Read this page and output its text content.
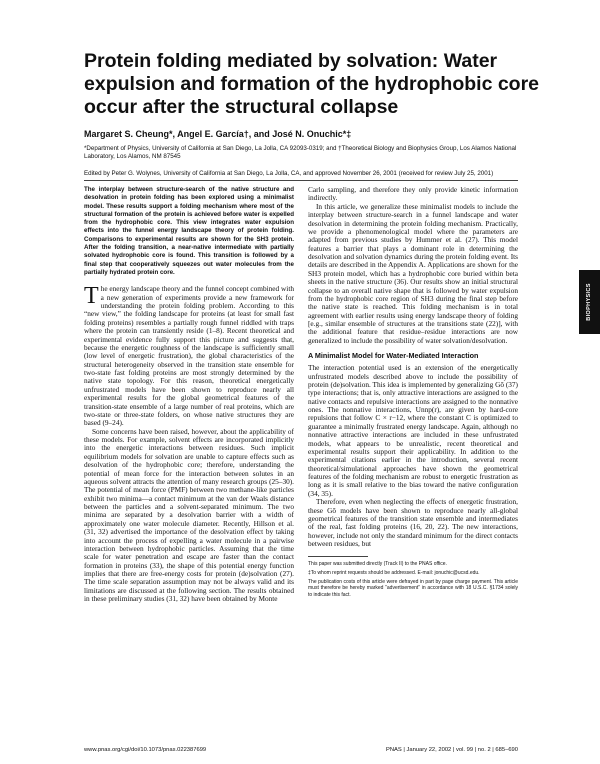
Protein folding mediated by solvation: Water expulsion and formation of the hydrophobic core occur after the structural collapse

Margaret S. Cheung*, Angel E. García†, and José N. Onuchic*‡

*Department of Physics, University of California at San Diego, La Jolla, CA 92093-0319; and †Theoretical Biology and Biophysics Group, Los Alamos National Laboratory, Los Alamos, NM 87545

Edited by Peter G. Wolynes, University of California at San Diego, La Jolla, CA, and approved November 26, 2001 (received for review July 25, 2001)

The interplay between structure-search of the native structure and desolvation in protein folding has been explored using a minimalist model. These results support a folding mechanism where most of the structural formation of the protein is achieved before water is expelled from the hydrophobic core. This view integrates water expulsion effects into the funnel energy landscape theory of protein folding. Comparisons to experimental results are shown for the SH3 protein. After the folding transition, a near-native intermediate with partially solvated hydrophobic core is found. This transition is followed by a final step that cooperatively squeezes out water molecules from the partially hydrated protein core.

The energy landscape theory and the funnel concept combined with a new generation of experiments provide a new framework for understanding the protein folding problem. According to this “new view,” the folding landscape for proteins (at least for small fast folding proteins) resembles a partially rough funnel riddled with traps where the protein can transiently reside (1–8). Recent theoretical and experimental evidence fully support this picture and suggests that, because the energetic roughness of the landscape is sufficiently small (low level of energetic frustration), the global characteristics of the structural heterogeneity observed in the transition state ensemble for two-state fast folding proteins are most strongly determined by the native state topology. For this reason, theoretical energetically unfrustrated models have been shown to reproduce nearly all experimental results for the global geometrical features of the transition-state ensemble of a large number of real proteins, which are two-state or three-state folders, on whose native structures they are based (9–24).

Some concerns have been raised, however, about the applicability of these models. For example, solvent effects are incorporated implicitly into the energetic interactions between residues. Such implicit equilibrium models for solvation are unable to capture effects such as desolvation of the hydrophobic core; therefore, understanding the potential of mean force for the interaction between solutes in an aqueous solvent attracts the attention of many research groups (25–30). The potential of mean force (PMF) between two methane-like particles exhibit two minima—a contact minimum at the van der Waals distance between the particles and a solvent-separated minimum. The two minima are separated by a desolvation barrier with a width of approximately one water molecule diameter. Recently, Hillson et al. (31, 32) advertised the importance of the desolvation effect by taking into account the process of expelling a water molecule in a pairwise interaction between hydrophobic particles. Assuming that the time scale for water penetration and escape are faster than the contact formation in proteins (33), the shape of this potential energy function implies that there are free-energy costs for protein (de)solvation (27). The time scale separation assumption may not be always valid and its limitations are discussed at the following section. The results obtained in these preliminary studies (31, 32) have been obtained by Monte

Carlo sampling, and therefore they only provide kinetic information indirectly.

In this article, we generalize these minimalist models to include the interplay between structure-search in a funnel landscape and water desolvation in determining the protein folding mechanism. Practically, we provide a phenomenological model where the parameters are adapted from previous studies by Hummer et al. (27). This model features a barrier that plays a dominant role in determining the desolvation and solvation dynamics during the protein folding event. Its details are described in the Appendix A. Applications are shown for the SH3 protein model, which has a hydrophobic core buried within beta sheets in the native structure (36). Our results show an initial structural collapse to an overall native shape that is followed by water expulsion from the hydrophobic core region of SH3 during the final step before the native state is reached. This folding mechanism is in total agreement with earlier results using energy landscape theory of folding [e.g., similar ensemble of structures at the transitions state (22)], with the additional feature that residue–residue interactions are now generalized to include the possibility of water solvation/desolvation.

A Minimalist Model for Water-Mediated Interaction

The interaction potential used is an extension of the energetically unfrustrated models described above to include the possibility of protein (de)solvation. This idea is implemented by generalizing Gō (37) type interactions; that is, only attractive interactions are assigned to the native contacts and repulsive interactions are assigned to the nonnative ones. The nonnative interactions, Unnp(r), are given by hard-core repulsions that follow C × r−12, where the constant C is optimized to guarantee a minimally frustrated energy landscape. Again, although no nonnative attractive interactions are included in these unfrustrated models, what appears to be unrealistic, recent theoretical and experimental results support their applicability. In addition to the experimental citations earlier in the introduction, several recent theoretical/simulational approaches have shown the geometrical features of the folding mechanism are robust to energetic frustration as long as it is small relative to the bias toward the native configuration (34, 35).

Therefore, even when neglecting the effects of energetic frustration, these Gō models have been shown to reproduce nearly all-global geometrical features of the transition state ensemble and intermediates of the real, fast folding proteins (16, 20, 22). The new interactions, however, include not only the standard minimum for the direct contacts between residues, but

This paper was submitted directly (Track II) to the PNAS office.

‡To whom reprint requests should be addressed. E-mail: jonuchic@ucsd.edu.

The publication costs of this article were defrayed in part by page charge payment. This article must therefore be hereby marked “advertisement” in accordance with 18 U.S.C. §1734 solely to indicate this fact.

BIOPHYSICS
www.pnas.org/cgi/doi/10.1073/pnas.022387699	PNAS | January 22, 2002 | vol. 99 | no. 2 | 685–690
